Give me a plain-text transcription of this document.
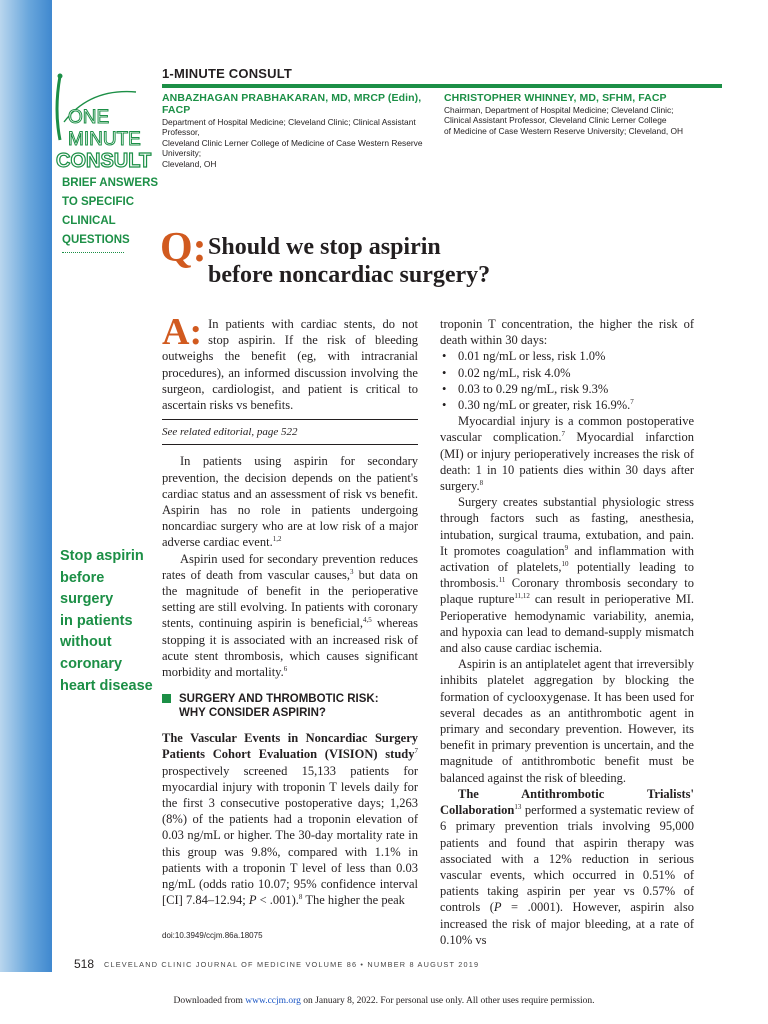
ONE
MINUTE
CONSULT
1-MINUTE CONSULT
ANBAZHAGAN PRABHAKARAN, MD, MRCP (Edin), FACP
Department of Hospital Medicine; Cleveland Clinic; Clinical Assistant Professor,
Cleveland Clinic Lerner College of Medicine of Case Western Reserve University;
Cleveland, OH
CHRISTOPHER WHINNEY, MD, SFHM, FACP
Chairman, Department of Hospital Medicine; Cleveland Clinic;
Clinical Assistant Professor, Cleveland Clinic Lerner College
of Medicine of Case Western Reserve University; Cleveland, OH
BRIEF ANSWERS
TO SPECIFIC
CLINICAL
QUESTIONS Q: Should we stop aspirin
before noncardiac surgery?
Stop aspirin
before surgery
in patients
without
coronary
heart disease

A: In patients with cardiac stents, do not stop aspirin. If the risk of bleeding outweighs the benefit (eg, with intracranial procedures), an informed discussion involving the surgeon, cardiologist, and patient is critical to ascertain risks vs benefits.

See related editorial, page 522

In patients using aspirin for secondary prevention, the decision depends on the patient's cardiac status and an assessment of risk vs benefit. Aspirin has no role in patients undergoing noncardiac surgery who are at low risk of a major adverse cardiac event.$^{1,2}$

Aspirin used for secondary prevention reduces rates of death from vascular causes,$^3$ but data on the magnitude of benefit in the perioperative setting are still evolving. In patients with coronary stents, continuing aspirin is beneficial,$^{4,5}$ whereas stopping it is associated with an increased risk of acute stent thrombosis, which causes significant morbidity and mortality.$^6$

SURGERY AND THROMBOTIC RISK:
WHY CONSIDER ASPIRIN?

The Vascular Events in Noncardiac Surgery Patients Cohort Evaluation (VISION) study$^7$ prospectively screened 15,133 patients for myocardial injury with troponin T levels daily for the first 3 consecutive postoperative days; 1,263 (8%) of the patients had a troponin elevation of 0.03 ng/mL or higher. The 30-day mortality rate in this group was 9.8%, compared with 1.1% in patients with a troponin T level of less than 0.03 ng/mL (odds ratio 10.07; 95% confidence interval [CI] 7.84–12.94; P < .001).$^8$ The higher the peak

troponin T concentration, the higher the risk of death within 30 days:

• 0.01 ng/mL or less, risk 1.0%
• 0.02 ng/mL, risk 4.0%
• 0.03 to 0.29 ng/mL, risk 9.3%
• 0.30 ng/mL or greater, risk 16.9%.$^7$

Myocardial injury is a common postoperative vascular complication.$^7$ Myocardial infarction (MI) or injury perioperatively increases the risk of death: 1 in 10 patients dies within 30 days after surgery.$^8$

Surgery creates substantial physiologic stress through factors such as fasting, anesthesia, intubation, surgical trauma, extubation, and pain. It promotes coagulation$^9$ and inflammation with activation of platelets,$^{10}$ potentially leading to thrombosis.$^{11}$ Coronary thrombosis secondary to plaque rupture$^{11,12}$ can result in perioperative MI. Perioperative hemodynamic variability, anemia, and hypoxia can lead to demand-supply mismatch and also cause cardiac ischemia.

Aspirin is an antiplatelet agent that irreversibly inhibits platelet aggregation by blocking the formation of cyclooxygenase. It has been used for several decades as an antithrombotic agent in primary and secondary prevention. However, its benefit in primary prevention is uncertain, and the magnitude of antithrombotic benefit must be balanced against the risk of bleeding.

The Antithrombotic Trialists' Collaboration$^{13}$ performed a systematic review of 6 primary prevention trials involving 95,000 patients and found that aspirin therapy was associated with a 12% reduction in serious vascular events, which occurred in 0.51% of patients taking aspirin per year vs 0.57% of controls (P = .0001). However, aspirin also increased the risk of major bleeding, at a rate of 0.10% vs

doi:10.3949/ccjm.86a.18075
518 CLEVELAND CLINIC JOURNAL OF MEDICINE VOLUME 86 • NUMBER 8 AUGUST 2019
Downloaded from www.ccjm.org on January 8, 2022. For personal use only. All other uses require permission.
